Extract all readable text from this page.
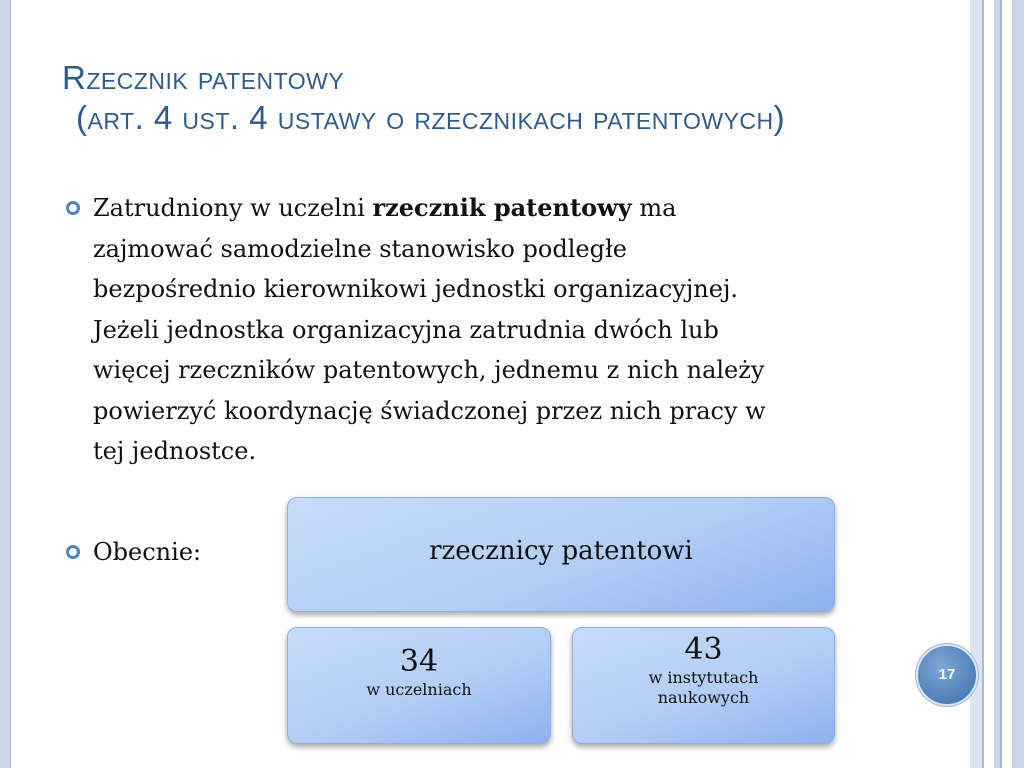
Rzecznik patentowy
(art. 4 ust. 4 ustawy o rzecznikach patentowych)
Zatrudniony w uczelni rzecznik patentowy ma
zajmować samodzielne stanowisko podległe
bezpośrednio kierownikowi jednostki organizacyjnej.
Jeżeli jednostka organizacyjna zatrudnia dwóch lub
więcej rzeczników patentowych, jednemu z nich należy
powierzyć koordynację świadczonej przez nich pracy w
tej jednostce.
Obecnie:	rzecznicy patentowi
34
w uczelniach
43
w instytutach
naukowych
17
